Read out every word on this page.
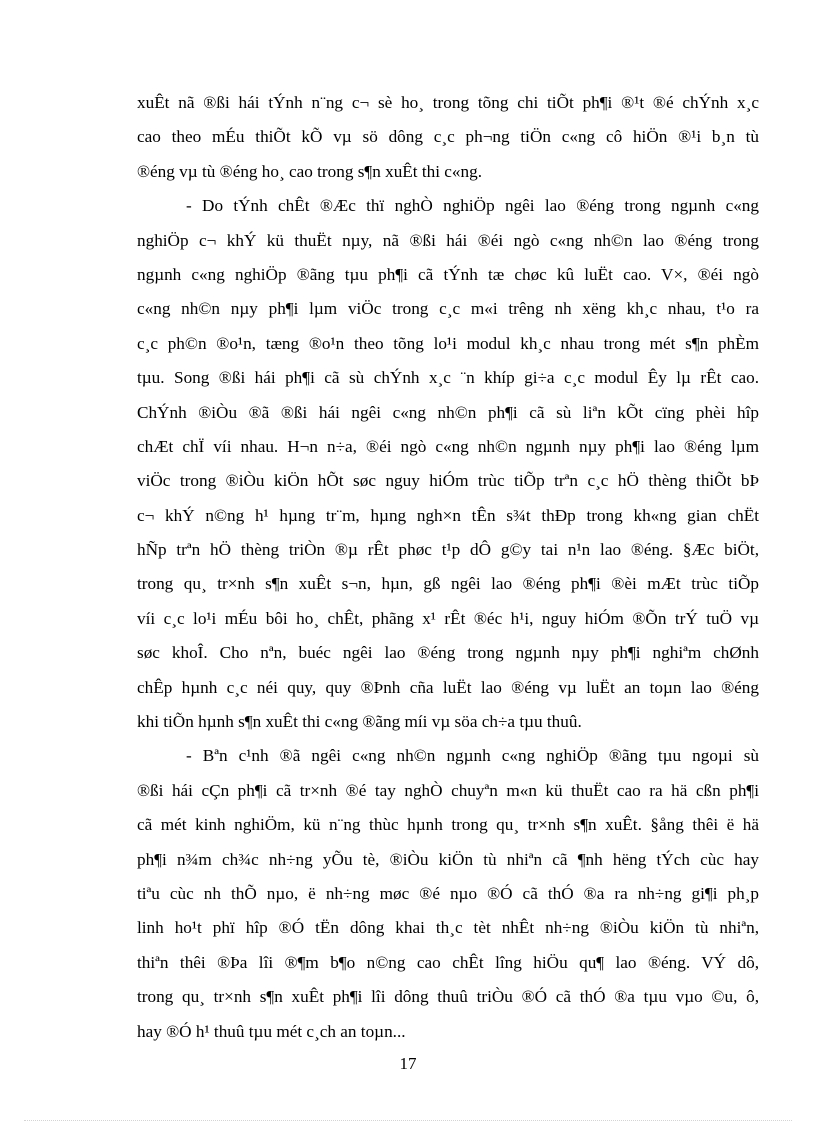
xuÊt nã ®ßi hái tÝnh n¨ng c¬ sè ho¸ trong tõng chi tiÕt ph¶i ®¹t ®é chÝnh x¸c
cao theo mÉu thiÕt kÕ vµ sö dông c¸c ph¬ng tiÖn c«ng cô hiÖn ®¹i b¸n tù
®éng vµ tù ®éng ho¸ cao trong s¶n xuÊt thi c«ng.
- Do tÝnh chÊt ®Æc thï nghÒ nghiÖp ngêi lao ®éng trong ngµnh c«ng
nghiÖp c¬ khÝ kü thuËt nµy, nã ®ßi hái ®éi ngò c«ng nh©n lao ®éng trong
ngµnh c«ng nghiÖp ®ãng tµu ph¶i cã tÝnh tæ chøc kû luËt cao. V×, ®éi ngò
c«ng nh©n nµy ph¶i lµm viÖc trong c¸c m«i trêng nh xëng kh¸c nhau, t¹o ra
c¸c ph©n ®o¹n, tæng ®o¹n theo tõng lo¹i modul kh¸c nhau trong mét s¶n phÈm
tµu. Song ®ßi hái ph¶i cã sù chÝnh x¸c ¨n khíp gi÷a c¸c modul Êy lµ rÊt cao.
ChÝnh ®iÒu ®ã ®ßi hái ngêi c«ng nh©n ph¶i cã sù liªn kÕt cïng phèi hîp
chÆt chÏ víi nhau. H¬n n÷a, ®éi ngò c«ng nh©n ngµnh nµy ph¶i lao ®éng lµm
viÖc trong ®iÒu kiÖn hÕt søc nguy hiÓm trùc tiÕp trªn c¸c hÖ thèng thiÕt bÞ
c¬ khÝ n©ng h¹ hµng tr¨m, hµng ngh×n tÊn s¾t thÐp trong kh«ng gian chËt
hÑp trªn hÖ thèng triÒn ®µ rÊt phøc t¹p dÔ g©y tai n¹n lao ®éng. §Æc biÖt,
trong qu¸ tr×nh s¶n xuÊt s¬n, hµn, gß ngêi lao ®éng ph¶i ®èi mÆt trùc tiÕp
víi c¸c lo¹i mÉu bôi ho¸ chÊt, phãng x¹ rÊt ®éc h¹i, nguy hiÓm ®Õn trÝ tuÖ vµ
søc khoÎ. Cho nªn, buéc ngêi lao ®éng trong ngµnh nµy ph¶i nghiªm chØnh
chÊp hµnh c¸c néi quy, quy ®Þnh cña luËt lao ®éng vµ luËt an toµn lao ®éng
khi tiÕn hµnh s¶n xuÊt thi c«ng ®ãng míi vµ söa ch÷a tµu thuû.
- Bªn c¹nh ®ã ngêi c«ng nh©n ngµnh c«ng nghiÖp ®ãng tµu ngoµi sù
®ßi hái cÇn ph¶i cã tr×nh ®é tay nghÒ chuyªn m«n kü thuËt cao ra hä cßn ph¶i
cã mét kinh nghiÖm, kü n¨ng thùc hµnh trong qu¸ tr×nh s¶n xuÊt. §ång thêi ë hä
ph¶i n¾m ch¾c nh÷ng yÕu tè, ®iÒu kiÖn tù nhiªn cã ¶nh hëng tÝch cùc hay
tiªu cùc nh thÕ nµo, ë nh÷ng møc ®é nµo ®Ó cã thÓ ®a ra nh÷ng gi¶i ph¸p
linh ho¹t phï hîp ®Ó tËn dông khai th¸c tèt nhÊt nh÷ng ®iÒu kiÖn tù nhiªn,
thiªn thêi ®Þa lîi ®¶m b¶o n©ng cao chÊt lîng hiÖu qu¶ lao ®éng. VÝ dô,
trong qu¸ tr×nh s¶n xuÊt ph¶i lîi dông thuû triÒu ®Ó cã thÓ ®a tµu vµo ©u, ô,
hay ®Ó h¹ thuû tµu mét c¸ch an toµn...
17
